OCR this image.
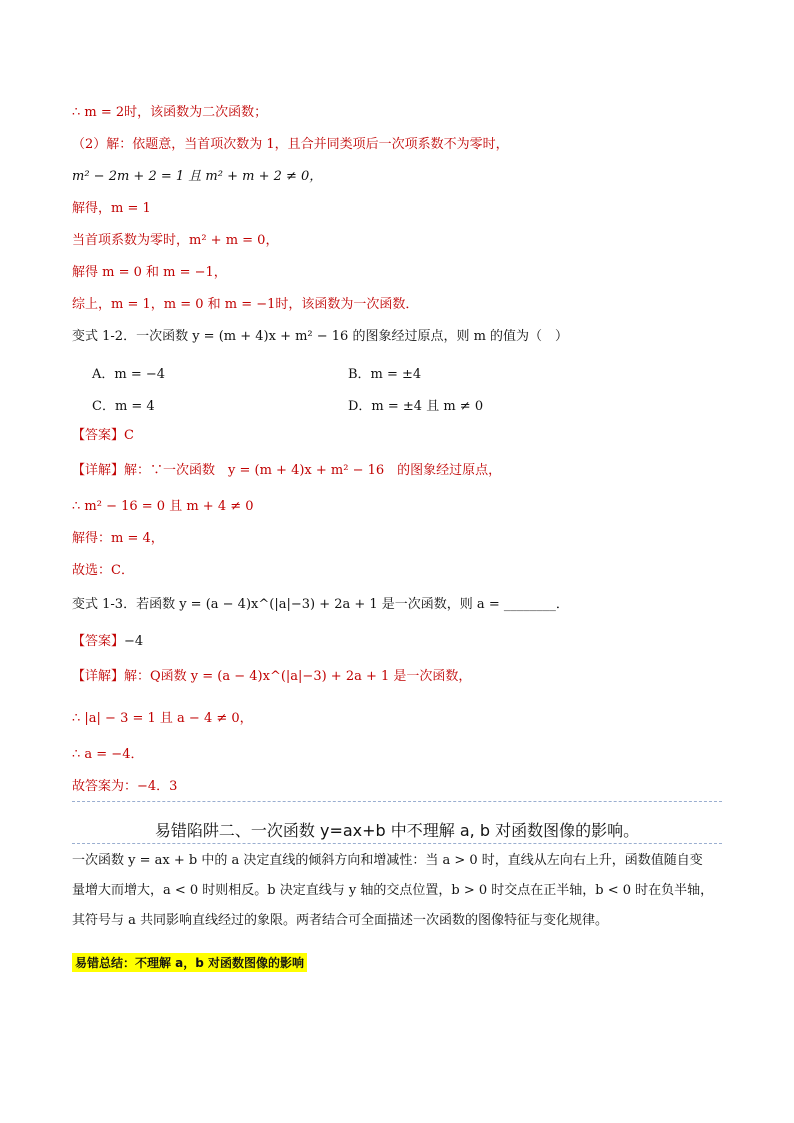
∴ m = 2时，该函数为二次函数；
（2）解：依题意，当首项次数为 1，且合并同类项后一次项系数不为零时，
m² − 2m + 2 = 1 且 m² + m + 2 ≠ 0，
解得，m = 1
当首项系数为零时，m² + m = 0，
解得 m = 0 和 m = −1，
综上，m = 1，m = 0 和 m = −1时，该函数为一次函数．
变式 1-2．一次函数 y = (m + 4)x + m² − 16 的图象经过原点，则 m 的值为（　）
A．m = −4	B．m = ±4
C．m = 4	D．m = ±4 且 m ≠ 0
【答案】C
【详解】解：∵一次函数　y = (m + 4)x + m² − 16　的图象经过原点，
∴ m² − 16 = 0 且 m + 4 ≠ 0
解得：m = 4，
故选：C．
变式 1-3．若函数 y = (a − 4)x^(|a|−3) + 2a + 1 是一次函数，则 a = ________．
【答案】−4
【详解】解：Q函数 y = (a − 4)x^(|a|−3) + 2a + 1 是一次函数，
∴ |a| − 3 = 1 且 a − 4 ≠ 0，
∴ a = −4．
故答案为：−4．3
易错陷阱二、一次函数 y=ax+b 中不理解 a, b 对函数图像的影响。
一次函数 y = ax + b 中的 a 决定直线的倾斜方向和增减性：当 a > 0 时，直线从左向右上升，函数值随自变
量增大而增大，a < 0 时则相反。b 决定直线与 y 轴的交点位置，b > 0 时交点在正半轴，b < 0 时在负半轴，
其符号与 a 共同影响直线经过的象限。两者结合可全面描述一次函数的图像特征与变化规律。
易错总结：不理解 a，b 对函数图像的影响
